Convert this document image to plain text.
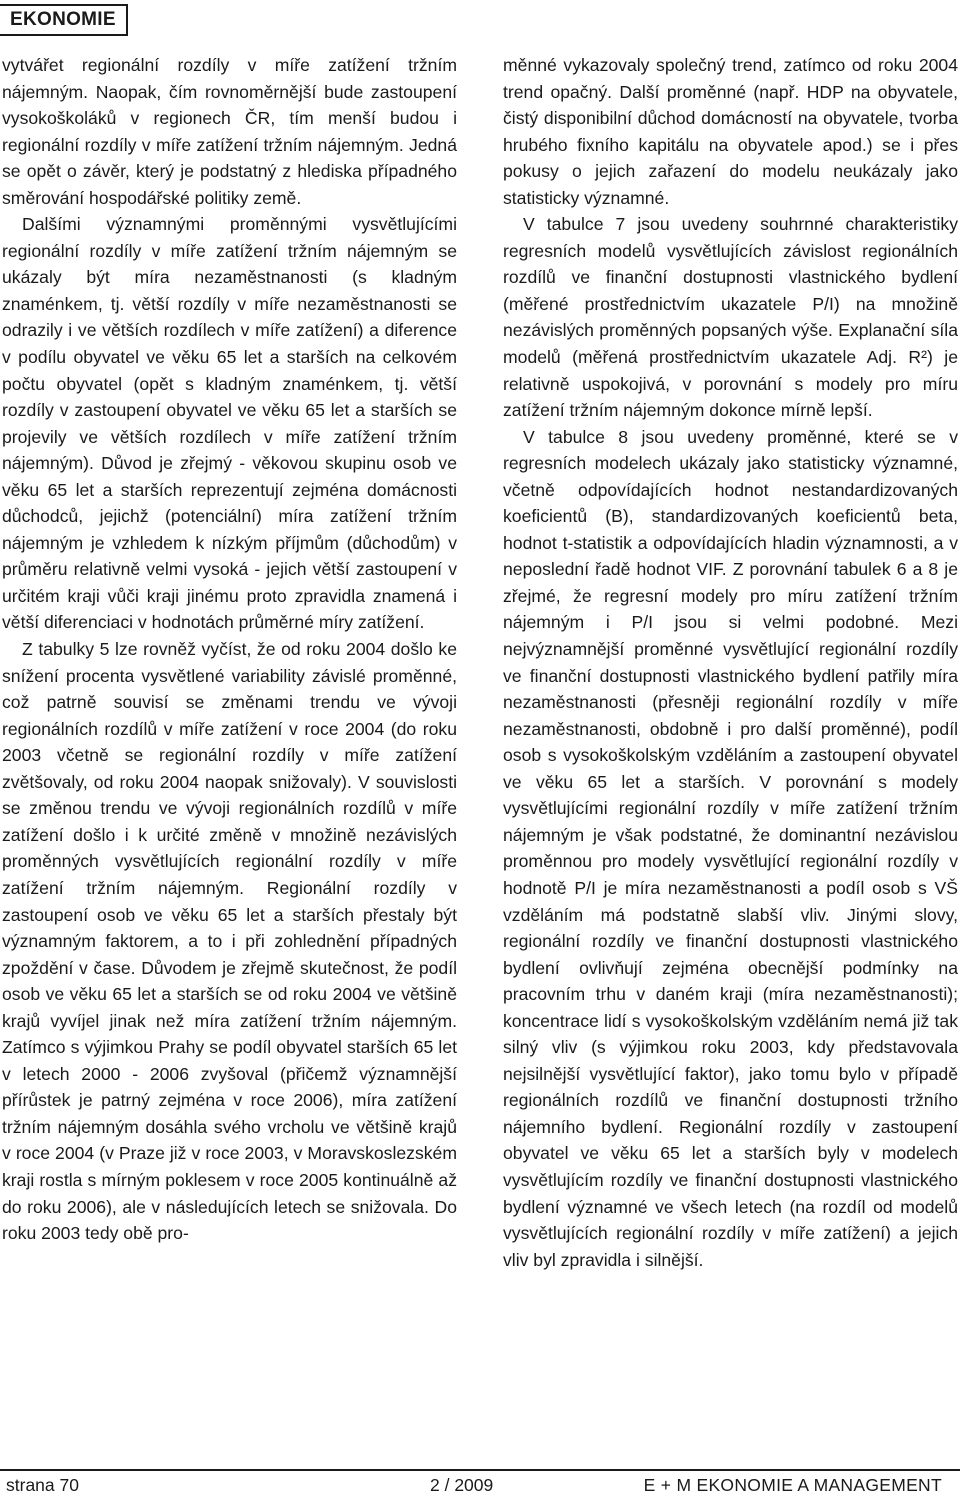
EKONOMIE

vytvářet regionální rozdíly v míře zatížení tržním nájemným. Naopak, čím rovnoměrnější bude zastoupení vysokoškoláků v regionech ČR, tím menší budou i regionální rozdíly v míře zatížení tržním nájemným. Jedná se opět o závěr, který je podstatný z hlediska případného směrování hospodářské politiky země.

Dalšími významnými proměnnými vysvětlujícími regionální rozdíly v míře zatížení tržním nájemným se ukázaly být míra nezaměstnanosti (s kladným znaménkem, tj. větší rozdíly v míře nezaměstnanosti se odrazily i ve větších rozdílech v míře zatížení) a diference v podílu obyvatel ve věku 65 let a starších na celkovém počtu obyvatel (opět s kladným znaménkem, tj. větší rozdíly v zastoupení obyvatel ve věku 65 let a starších se projevily ve větších rozdílech v míře zatížení tržním nájemným). Důvod je zřejmý - věkovou skupinu osob ve věku 65 let a starších reprezentují zejména domácnosti důchodců, jejichž (potenciální) míra zatížení tržním nájemným je vzhledem k nízkým příjmům (důchodům) v průměru relativně velmi vysoká - jejich větší zastoupení v určitém kraji vůči kraji jinému proto zpravidla znamená i větší diferenciaci v hodnotách průměrné míry zatížení.

Z tabulky 5 lze rovněž vyčíst, že od roku 2004 došlo ke snížení procenta vysvětlené variability závislé proměnné, což patrně souvisí se změnami trendu ve vývoji regionálních rozdílů v míře zatížení v roce 2004 (do roku 2003 včetně se regionální rozdíly v míře zatížení zvětšovaly, od roku 2004 naopak snižovaly). V souvislosti se změnou trendu ve vývoji regionálních rozdílů v míře zatížení došlo i k určité změně v množině nezávislých proměnných vysvětlujících regionální rozdíly v míře zatížení tržním nájemným. Regionální rozdíly v zastoupení osob ve věku 65 let a starších přestaly být významným faktorem, a to i při zohlednění případných zpoždění v čase. Důvodem je zřejmě skutečnost, že podíl osob ve věku 65 let a starších se od roku 2004 ve většině krajů vyvíjel jinak než míra zatížení tržním nájemným. Zatímco s výjimkou Prahy se podíl obyvatel starších 65 let v letech 2000 - 2006 zvyšoval (přičemž významnější přírůstek je patrný zejména v roce 2006), míra zatížení tržním nájemným dosáhla svého vrcholu ve většině krajů v roce 2004 (v Praze již v roce 2003, v Moravskoslezském kraji rostla s mírným poklesem v roce 2005 kontinuálně až do roku 2006), ale v následujících letech se snižovala. Do roku 2003 tedy obě pro-

měnné vykazovaly společný trend, zatímco od roku 2004 trend opačný. Další proměnné (např. HDP na obyvatele, čistý disponibilní důchod domácností na obyvatele, tvorba hrubého fixního kapitálu na obyvatele apod.) se i přes pokusy o jejich zařazení do modelu neukázaly jako statisticky významné.

V tabulce 7 jsou uvedeny souhrnné charakteristiky regresních modelů vysvětlujících závislost regionálních rozdílů ve finanční dostupnosti vlastnického bydlení (měřené prostřednictvím ukazatele P/I) na množině nezávislých proměnných popsaných výše. Explanační síla modelů (měřená prostřednictvím ukazatele Adj. R²) je relativně uspokojivá, v porovnání s modely pro míru zatížení tržním nájemným dokonce mírně lepší.

V tabulce 8 jsou uvedeny proměnné, které se v regresních modelech ukázaly jako statisticky významné, včetně odpovídajících hodnot nestandardizovaných koeficientů (B), standardizovaných koeficientů beta, hodnot t-statistik a odpovídajících hladin významnosti, a v neposlední řadě hodnot VIF. Z porovnání tabulek 6 a 8 je zřejmé, že regresní modely pro míru zatížení tržním nájemným i P/I jsou si velmi podobné. Mezi nejvýznamnější proměnné vysvětlující regionální rozdíly ve finanční dostupnosti vlastnického bydlení patřily míra nezaměstnanosti (přesněji regionální rozdíly v míře nezaměstnanosti, obdobně i pro další proměnné), podíl osob s vysokoškolským vzděláním a zastoupení obyvatel ve věku 65 let a starších. V porovnání s modely vysvětlujícími regionální rozdíly v míře zatížení tržním nájemným je však podstatné, že dominantní nezávislou proměnnou pro modely vysvětlující regionální rozdíly v hodnotě P/I je míra nezaměstnanosti a podíl osob s VŠ vzděláním má podstatně slabší vliv. Jinými slovy, regionální rozdíly ve finanční dostupnosti vlastnického bydlení ovlivňují zejména obecnější podmínky na pracovním trhu v daném kraji (míra nezaměstnanosti); koncentrace lidí s vysokoškolským vzděláním nemá již tak silný vliv (s výjimkou roku 2003, kdy představovala nejsilnější vysvětlující faktor), jako tomu bylo v případě regionálních rozdílů ve finanční dostupnosti tržního nájemního bydlení. Regionální rozdíly v zastoupení obyvatel ve věku 65 let a starších byly v modelech vysvětlujícím rozdíly ve finanční dostupnosti vlastnického bydlení významné ve všech letech (na rozdíl od modelů vysvětlujících regionální rozdíly v míře zatížení) a jejich vliv byl zpravidla i silnější.

strana 70	2 / 2009	E + M EKONOMIE A MANAGEMENT
